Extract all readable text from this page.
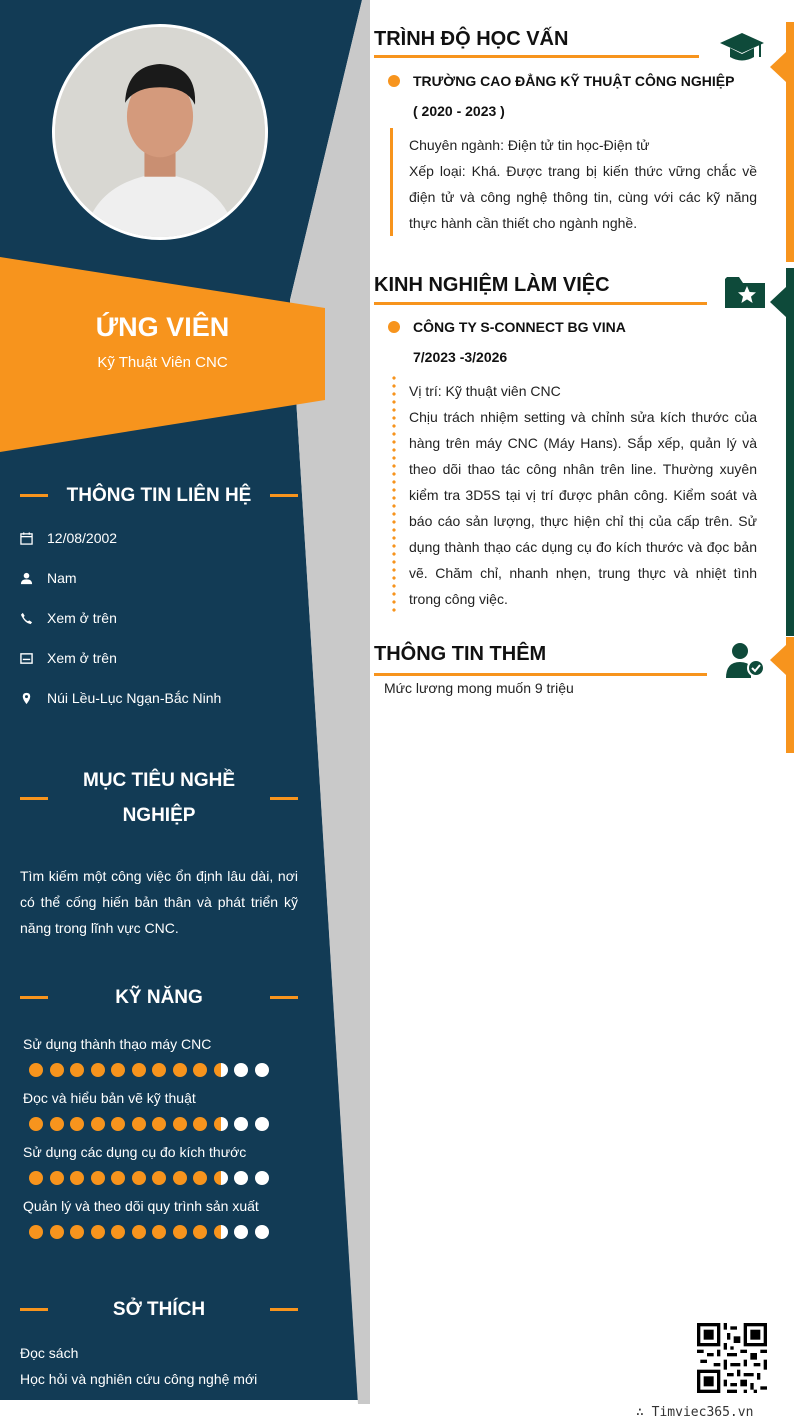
ỨNG VIÊN
Kỹ Thuật Viên CNC
THÔNG TIN LIÊN HỆ
12/08/2002
Nam
Xem ở trên
Xem ở trên
Núi Lều-Lục Ngạn-Bắc Ninh
MỤC TIÊU NGHỀ
NGHIỆP
Tìm kiếm một công việc ổn định lâu dài, nơi có thể cống hiến bản thân và phát triển kỹ năng trong lĩnh vực CNC.
KỸ NĂNG
Sử dụng thành thạo máy CNC
Đọc và hiểu bản vẽ kỹ thuật
Sử dụng các dụng cụ đo kích thước
Quản lý và theo dõi quy trình sản xuất
SỞ THÍCH
Đọc sách
Học hỏi và nghiên cứu công nghệ mới
TRÌNH ĐỘ HỌC VẤN
TRƯỜNG CAO ĐẲNG KỸ THUẬT CÔNG NGHIỆP
( 2020 - 2023 )
Chuyên ngành: Điện tử tin học-Điện tử
Xếp loại: Khá. Được trang bị kiến thức vững chắc về điện tử và công nghệ thông tin, cùng với các kỹ năng thực hành cần thiết cho ngành nghề.
KINH NGHIỆM LÀM VIỆC
CÔNG TY S-CONNECT BG VINA
7/2023 -3/2026
Vị trí: Kỹ thuật viên CNC
Chịu trách nhiệm setting và chỉnh sửa kích thước của hàng trên máy CNC (Máy Hans). Sắp xếp, quản lý và theo dõi thao tác công nhân trên line. Thường xuyên kiểm tra 3D5S tại vị trí được phân công. Kiểm soát và báo cáo sản lượng, thực hiện chỉ thị của cấp trên. Sử dụng thành thạo các dụng cụ đo kích thước và đọc bản vẽ. Chăm chỉ, nhanh nhẹn, trung thực và nhiệt tình trong công việc.
THÔNG TIN THÊM
Mức lương mong muốn 9 triệu
∴ Timviec365.vn
